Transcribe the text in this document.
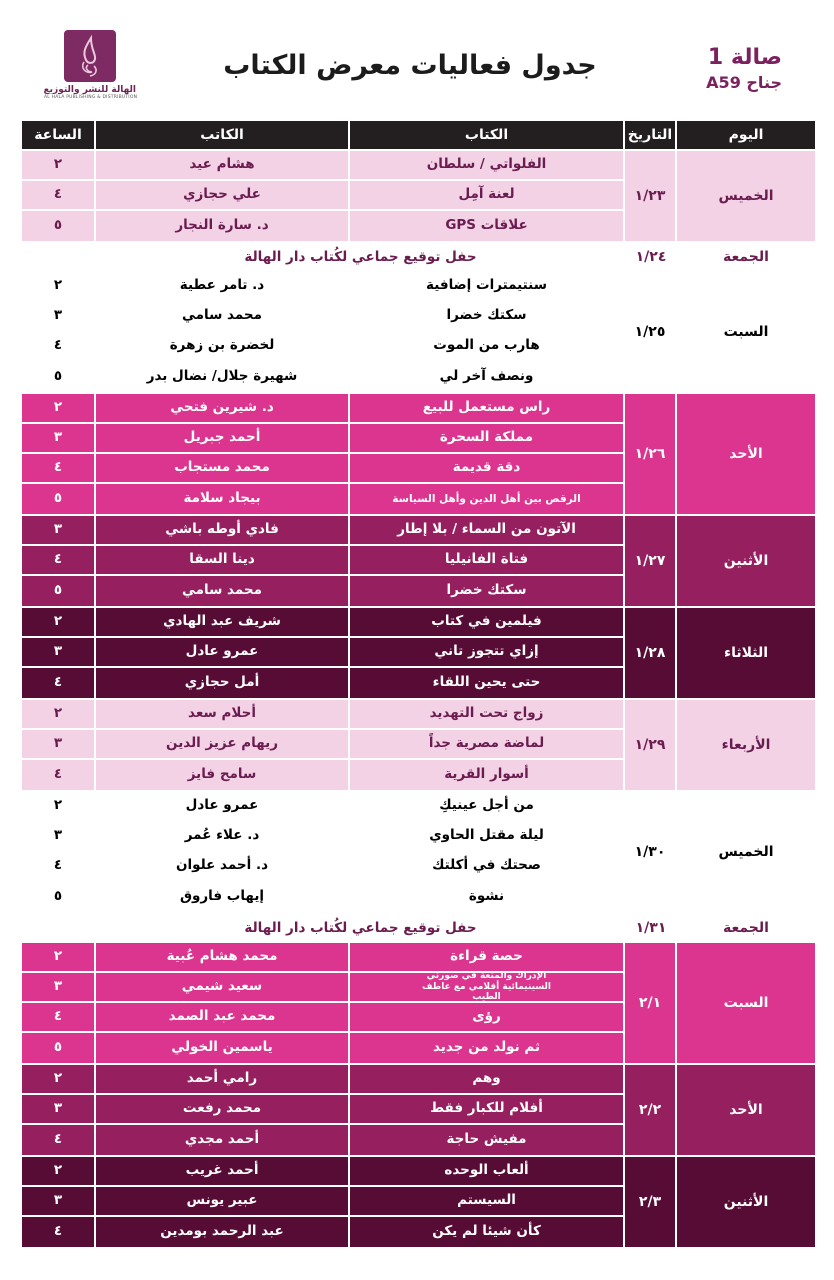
الهالة للنشر والتوزيع
AL HALA PUBLISHING & DISTRIBUTION
جدول فعاليات معرض الكتاب	صالة 1
جناح A59
الساعة	الكاتب	الكتاب	التاريخ	اليوم
٢	هشام عيد	الفلواتي / سلطان
٤	علي حجازي	لعنة آمِل
٥	د. سارة النجار	علاقات GPS
١/٢٣	الخميس
حفل توقيع جماعي لكُتاب دار الهالة	١/٢٤	الجمعة
٢	د. تامر عطية	سنتيمترات إضافية
٣	محمد سامي	سكتك خضرا
٤	لخضرة بن زهرة	هارب من الموت
٥	شهيرة جلال/ نضال بدر	ونصف آخر لي
١/٢٥	السبت
٢	د. شيرين فتحي	راس مستعمل للبيع
٣	أحمد جبريل	مملكة السحرة
٤	محمد مستجاب	دقة قديمة
٥	بيجاد سلامة	الرقص بين أهل الدين وأهل السياسة
١/٢٦	الأحد
٣	فادي أوطه باشي	الآتون من السماء / بلا إطار
٤	دينا السقا	فتاة الفانيليا
٥	محمد سامي	سكتك خضرا
١/٢٧	الأثنين
٢	شريف عبد الهادي	فيلمين في كتاب
٣	عمرو عادل	إزاي تتجوز تاني
٤	أمل حجازي	حتى يحين اللقاء
١/٢٨	الثلاثاء
٢	أحلام سعد	زواج تحت التهديد
٣	ريهام عزيز الدين	لماضة مصرية جداً
٤	سامح فايز	أسوار القرية
١/٢٩	الأربعاء
٢	عمرو عادل	من أجل عينيكِ
٣	د. علاء عُمر	ليلة مقتل الحاوي
٤	د. أحمد علوان	صحتك في أكلتك
٥	إيهاب فاروق	نشوة
١/٣٠	الخميس
حفل توقيع جماعي لكُتاب دار الهالة	١/٣١	الجمعة
٢	محمد هشام عُبية	حصة قراءة
٣	سعيد شيمي
الإدراك والمتعة في صورتي السينيمائية أفلامي مع عاطف الطيب
٤	محمد عبد الصمد	رؤى
٥	ياسمين الخولي	ثم نولد من جديد
٢/١	السبت
٢	رامي أحمد	وهم
٣	محمد رفعت	أفلام للكبار فقط
٤	أحمد مجدي	مفيش حاجة
٢/٢	الأحد
٢	أحمد غريب	ألعاب الوحده
٣	عبير يونس	السيستم
٤	عبد الرحمد بومدين	كأن شيئا لم يكن
٢/٣	الأثنين
